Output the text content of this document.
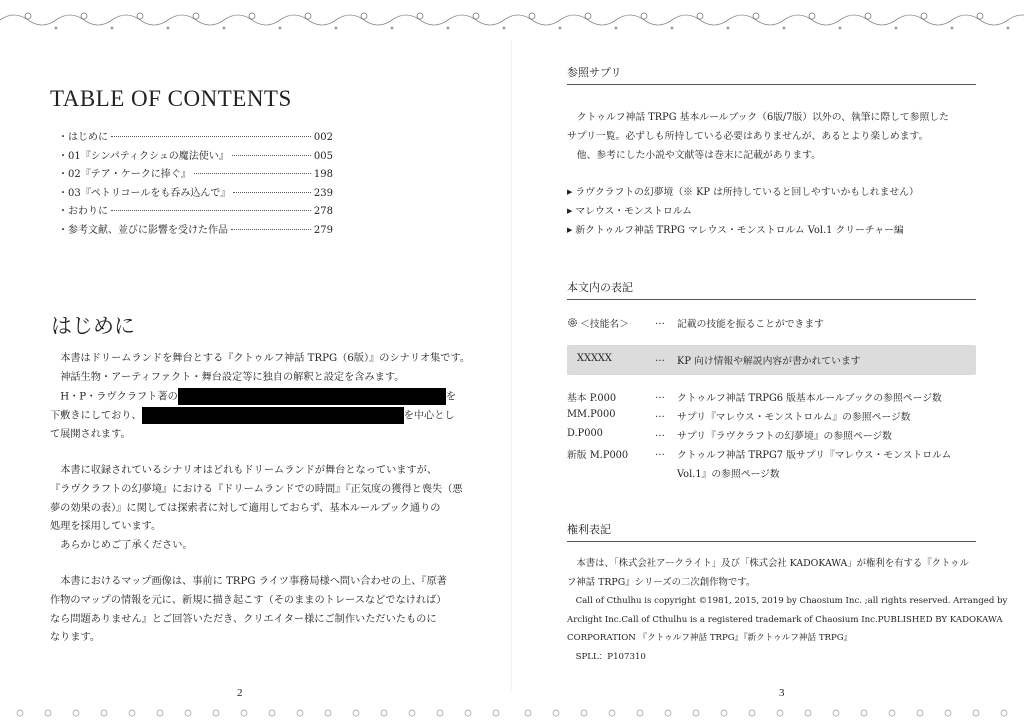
TABLE OF CONTENTS
・はじめに	002
・01『シンパティクシュの魔法使い』	005
・02『テア・ケークに捧ぐ』	198
・03『ペトリコールをも呑み込んで』	239
・おわりに	278
・参考文献、並びに影響を受けた作品	279
はじめに

　本書はドリームランドを舞台とする『クトゥルフ神話 TRPG（6版）』のシナリオ集です。

　神話生物・アーティファクト・舞台設定等に独自の解釈と設定を含みます。

　H・P・ラヴクラフト著の	を

下敷きにしており、	を中心とし

て展開されます。

　本書に収録されているシナリオはどれもドリームランドが舞台となっていますが、

『ラヴクラフトの幻夢境』における『ドリームランドでの時間』『正気度の獲得と喪失（悪

夢の効果の表）』に関しては探索者に対して適用しておらず、基本ルールブック通りの

処理を採用しています。

　あらかじめご了承ください。

　本書におけるマップ画像は、事前に TRPG ライツ事務局様へ問い合わせの上、『原著

作物のマップの情報を元に、新規に描き起こす（そのままのトレースなどでなければ）

なら問題ありません』とご回答いただき、クリエイター様にご制作いただいたものに

なります。

2
参照サプリ

　クトゥルフ神話 TRPG 基本ルールブック（6版/7版）以外の、執筆に際して参照した

サプリ一覧。必ずしも所持している必要はありませんが、あるとより楽しめます。

　他、参考にした小説や文献等は巻末に記載があります。

▶ ラヴクラフトの幻夢境（※ KP は所持していると回しやすいかもしれません）

▶ マレウス・モンストロルム

▶ 新クトゥルフ神話 TRPG マレウス・モンストロルム Vol.1 クリーチャー編

本文内の表記
＜技能名＞	… 記載の技能を振ることができます
XXXXX	… KP 向け情報や解説内容が書かれています
基本 P.000	… クトゥルフ神話 TRPG6 版基本ルールブックの参照ページ数
MM.P000	… サプリ『マレウス・モンストロルム』の参照ページ数
D.P000	… サプリ『ラヴクラフトの幻夢境』の参照ページ数
新版 M.P000	… クトゥルフ神話 TRPG7 版サプリ『マレウス・モンストロルム
Vol.1』の参照ページ数
権利表記

　本書は、「株式会社アークライト」及び「株式会社 KADOKAWA」が権利を有する『クトゥル

フ神話 TRPG』シリーズの二次創作物です。

　Call of Cthulhu is copyright ©1981, 2015, 2019 by Chaosium Inc. ;all rights reserved. Arranged by

Arclight Inc.Call of Cthulhu is a registered trademark of Chaosium Inc.PUBLISHED BY KADOKAWA

CORPORATION 『クトゥルフ神話 TRPG』『新クトゥルフ神話 TRPG』

　SPLL：P107310

3
